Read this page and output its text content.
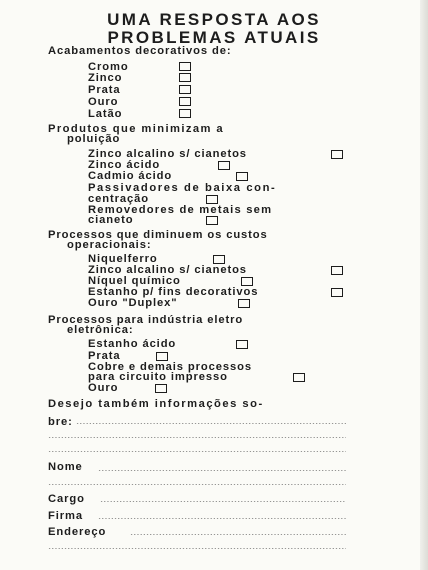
UMA RESPOSTA AOS
PROBLEMAS ATUAIS
Acabamentos decorativos de:
Cromo
Zinco
Prata
Ouro
Latão
Produtos que minimizam a
poluição
Zinco alcalino s/ cianetos
Zinco ácido
Cadmio ácido
Passivadores de baixa con-
centração
Removedores de metais sem
cianeto
Processos que diminuem os custos
operacionais:
Niquelferro
Zinco alcalino s/ cianetos
Níquel químico
Estanho p/ fins decorativos
Ouro "Duplex"
Processos para indústria eletro
eletrônica:
Estanho ácido
Prata
Cobre e demais processos
para circuito impresso
Ouro
Desejo também informações so-
bre:
Nome
Cargo
Firma
Endereço
